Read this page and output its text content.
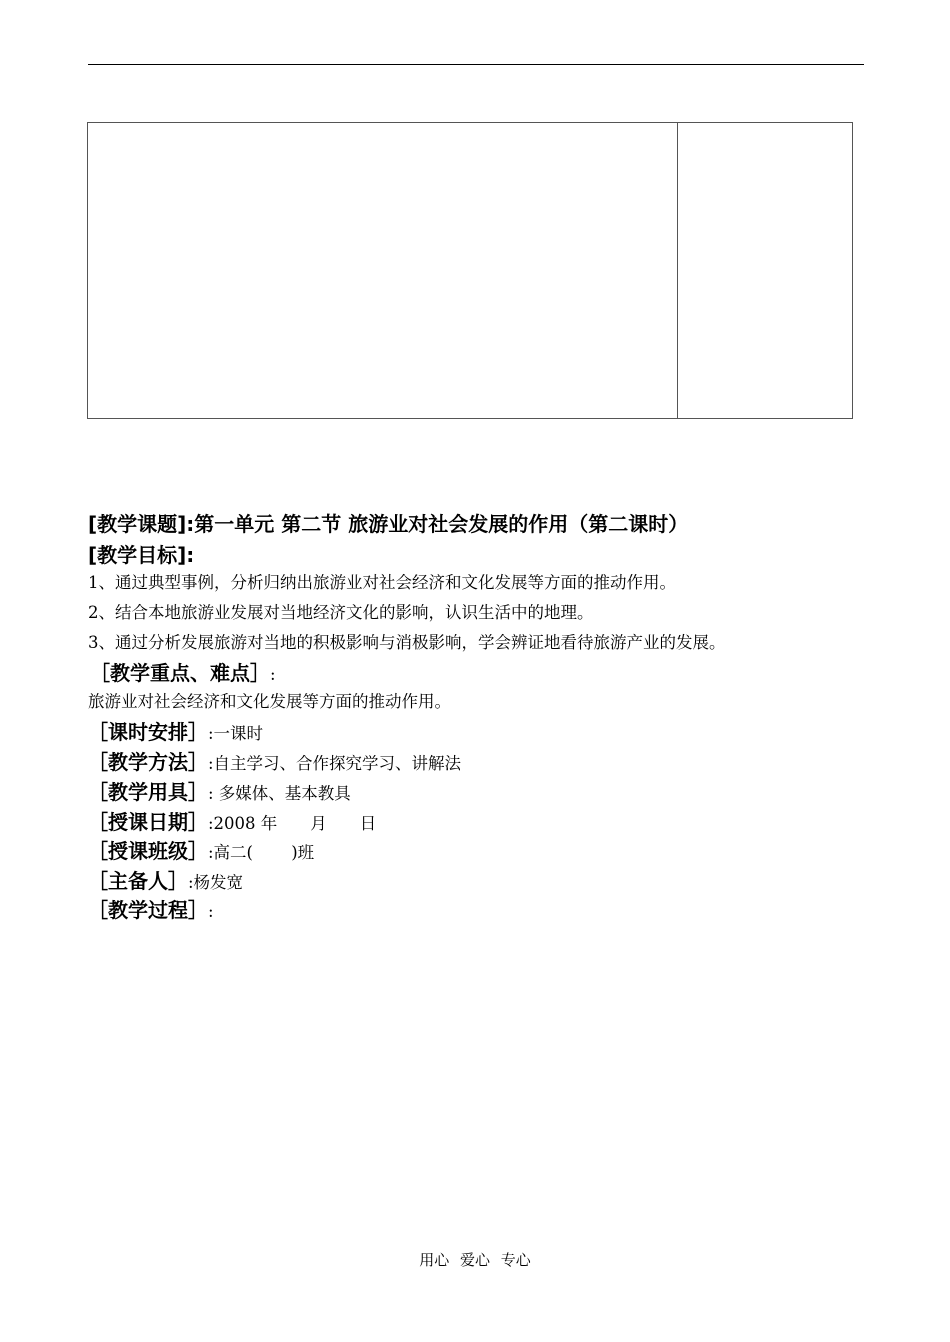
[教学课题]:第一单元 第二节 旅游业对社会发展的作用（第二课时）
[教学目标]:
1、通过典型事例，分析归纳出旅游业对社会经济和文化发展等方面的推动作用。
2、结合本地旅游业发展对当地经济文化的影响，认识生活中的地理。
3、通过分析发展旅游对当地的积极影响与消极影响，学会辨证地看待旅游产业的发展。
［教学重点、难点］:
旅游业对社会经济和文化发展等方面的推动作用。
［课时安排］:一课时
［教学方法］:自主学习、合作探究学习、讲解法
［教学用具］: 多媒体、基本教具
［授课日期］:2008 年　　月　　日
［授课班级］:高二(　　 )班
［主备人］:杨发宽
［教学过程］:
用心 爱心 专心
